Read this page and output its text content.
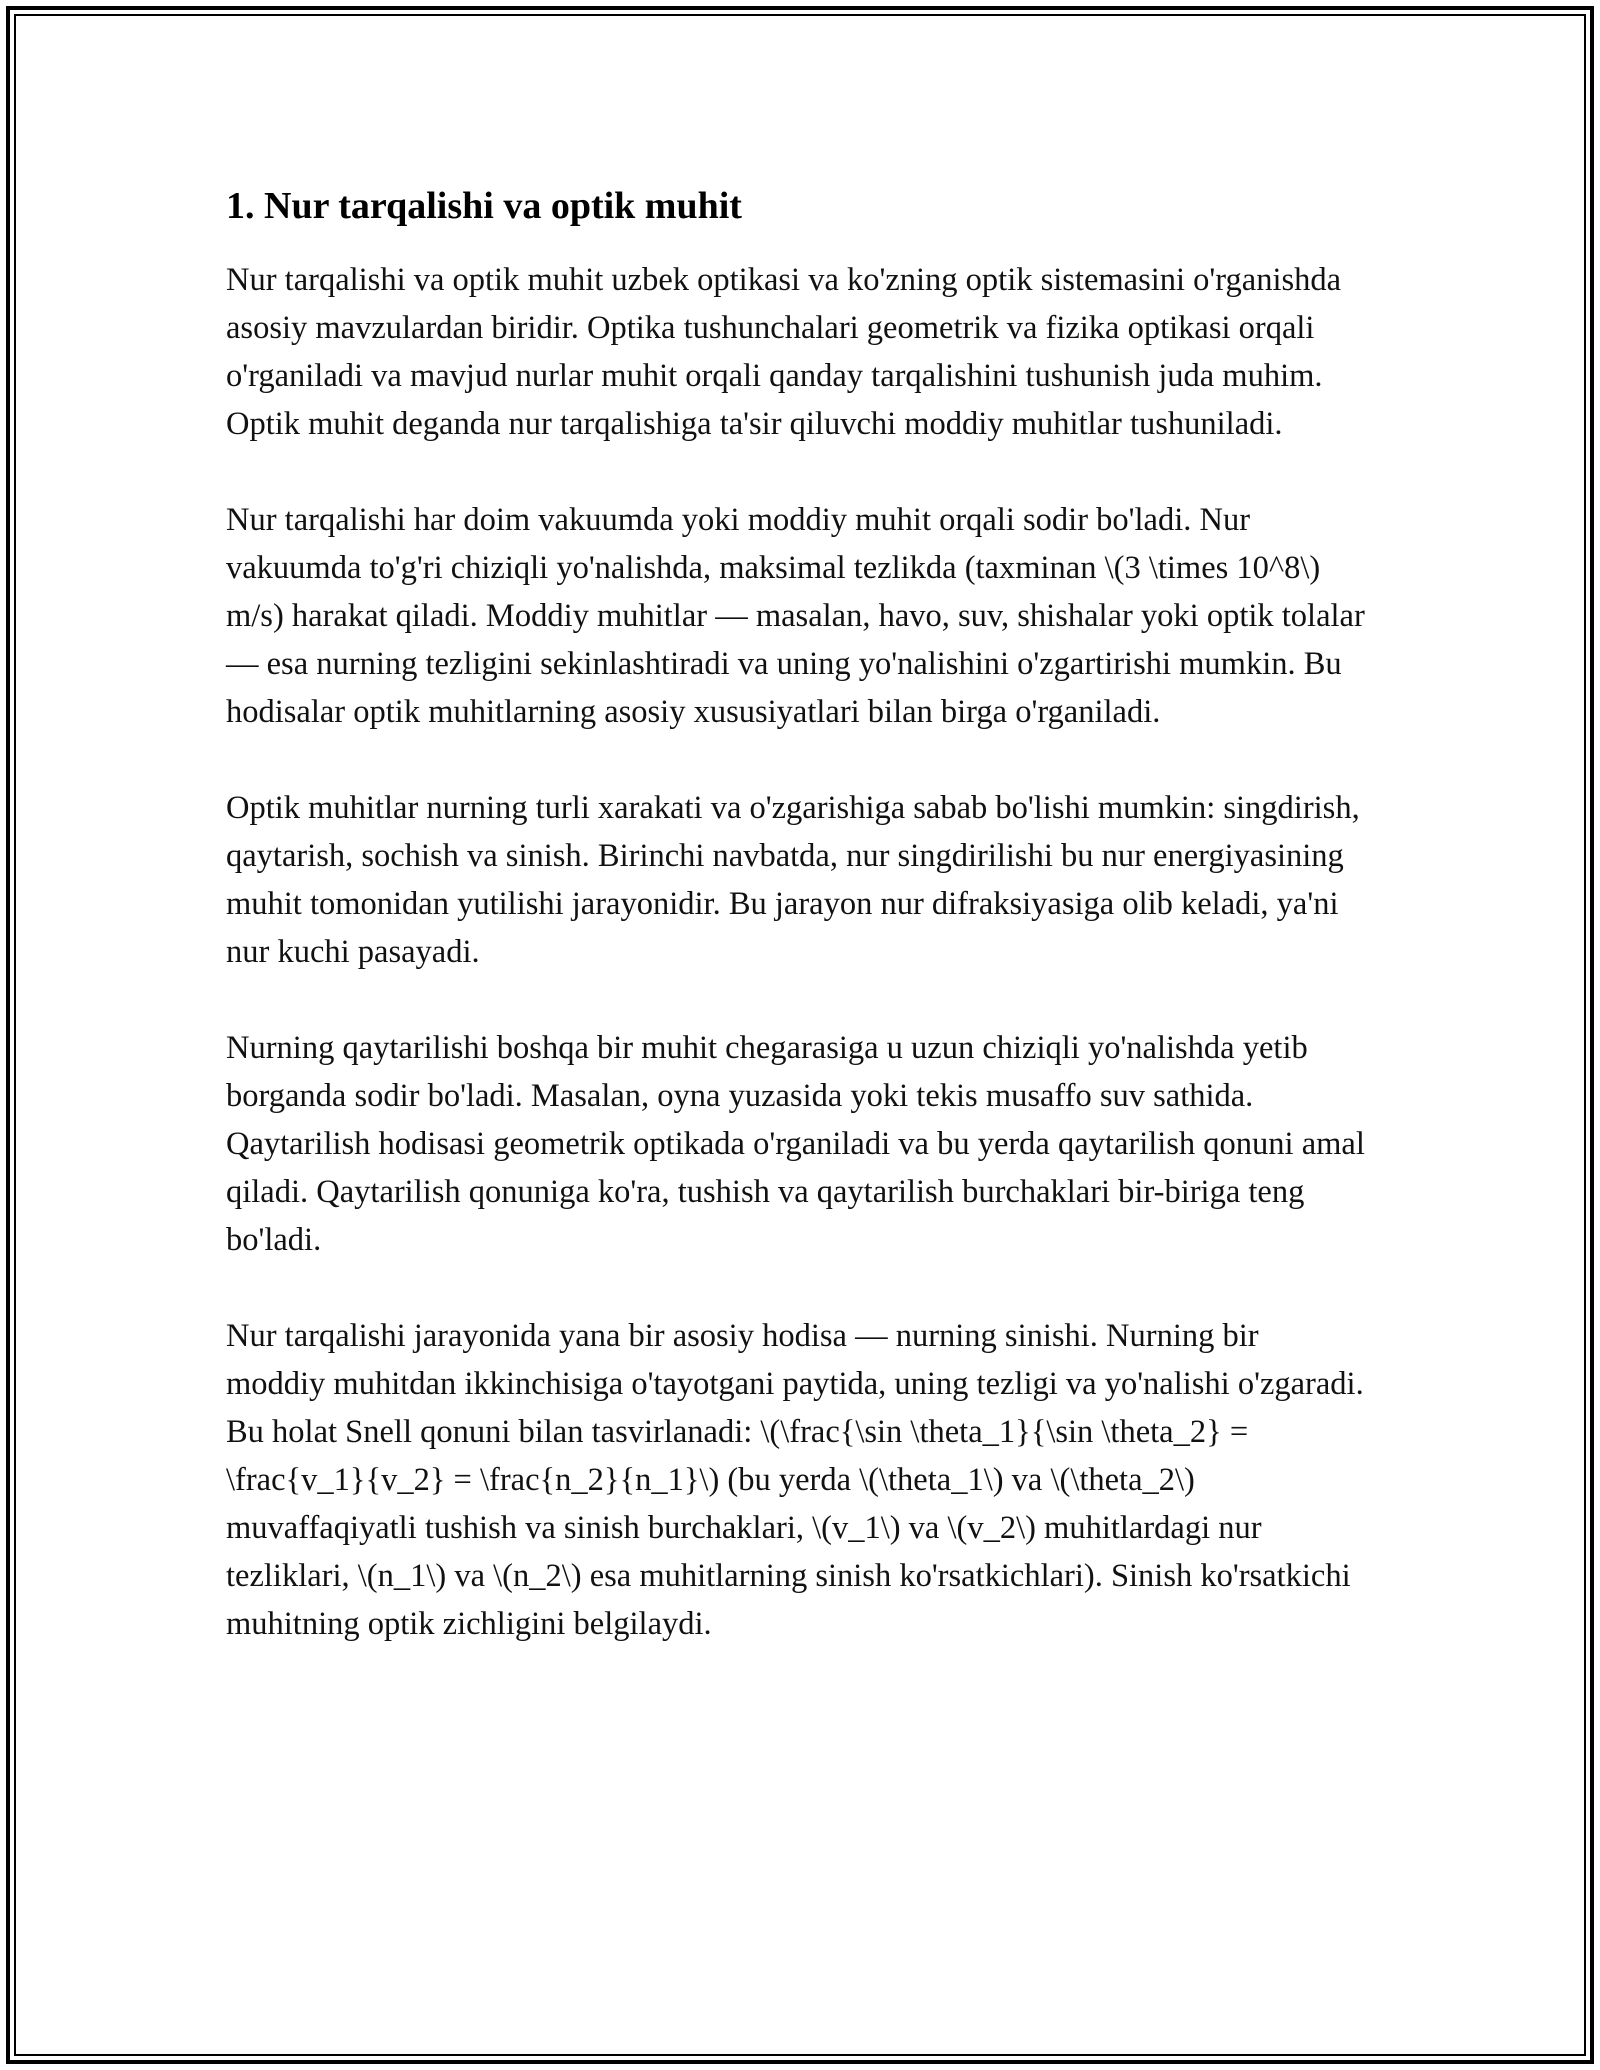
1. Nur tarqalishi va optik muhit

Nur tarqalishi va optik muhit uzbek optikasi va ko'zning optik sistemasini o'rganishda asosiy mavzulardan biridir. Optika tushunchalari geometrik va fizika optikasi orqali o'rganiladi va mavjud nurlar muhit orqali qanday tarqalishini tushunish juda muhim. Optik muhit deganda nur tarqalishiga ta'sir qiluvchi moddiy muhitlar tushuniladi.

Nur tarqalishi har doim vakuumda yoki moddiy muhit orqali sodir bo'ladi. Nur vakuumda to'g'ri chiziqli yo'nalishda, maksimal tezlikda (taxminan \(3 \times 10^8\) m/s) harakat qiladi. Moddiy muhitlar — masalan, havo, suv, shishalar yoki optik tolalar — esa nurning tezligini sekinlashtiradi va uning yo'nalishini o'zgartirishi mumkin. Bu hodisalar optik muhitlarning asosiy xususiyatlari bilan birga o'rganiladi.

Optik muhitlar nurning turli xarakati va o'zgarishiga sabab bo'lishi mumkin: singdirish, qaytarish, sochish va sinish. Birinchi navbatda, nur singdirilishi bu nur energiyasining muhit tomonidan yutilishi jarayonidir. Bu jarayon nur difraksiyasiga olib keladi, ya'ni nur kuchi pasayadi.

Nurning qaytarilishi boshqa bir muhit chegarasiga u uzun chiziqli yo'nalishda yetib borganda sodir bo'ladi. Masalan, oyna yuzasida yoki tekis musaffo suv sathida. Qaytarilish hodisasi geometrik optikada o'rganiladi va bu yerda qaytarilish qonuni amal qiladi. Qaytarilish qonuniga ko'ra, tushish va qaytarilish burchaklari bir-biriga teng bo'ladi.

Nur tarqalishi jarayonida yana bir asosiy hodisa — nurning sinishi. Nurning bir moddiy muhitdan ikkinchisiga o'tayotgani paytida, uning tezligi va yo'nalishi o'zgaradi. Bu holat Snell qonuni bilan tasvirlanadi: \(\frac{\sin \theta_1}{\sin \theta_2} = \frac{v_1}{v_2} = \frac{n_2}{n_1}\) (bu yerda \(\theta_1\) va \(\theta_2\) muvaffaqiyatli tushish va sinish burchaklari, \(v_1\) va \(v_2\) muhitlardagi nur tezliklari, \(n_1\) va \(n_2\) esa muhitlarning sinish ko'rsatkichlari). Sinish ko'rsatkichi muhitning optik zichligini belgilaydi.
